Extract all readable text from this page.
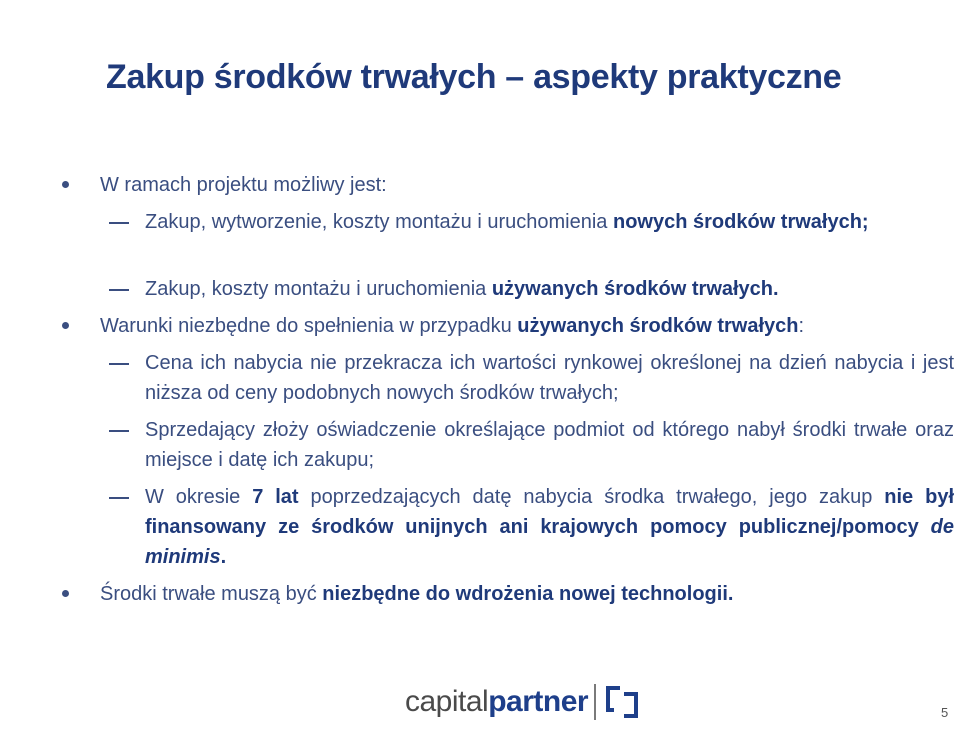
Zakup środków trwałych – aspekty praktyczne
W ramach projektu możliwy jest:
Zakup, wytworzenie, koszty montażu i uruchomienia nowych środków trwałych;
Zakup, koszty montażu i uruchomienia używanych środków trwałych.
Warunki niezbędne do spełnienia w przypadku używanych środków trwałych:
Cena ich nabycia nie przekracza ich wartości rynkowej określonej na dzień nabycia i jest niższa od ceny podobnych nowych środków trwałych;
Sprzedający złoży oświadczenie określające podmiot od którego nabył środki trwałe oraz miejsce i datę ich zakupu;
W okresie 7 lat poprzedzających datę nabycia środka trwałego, jego zakup nie był finansowany ze środków unijnych ani krajowych pomocy publicznej/pomocy de minimis.
Środki trwałe muszą być niezbędne do wdrożenia nowej technologii.
capitalpartner	5
